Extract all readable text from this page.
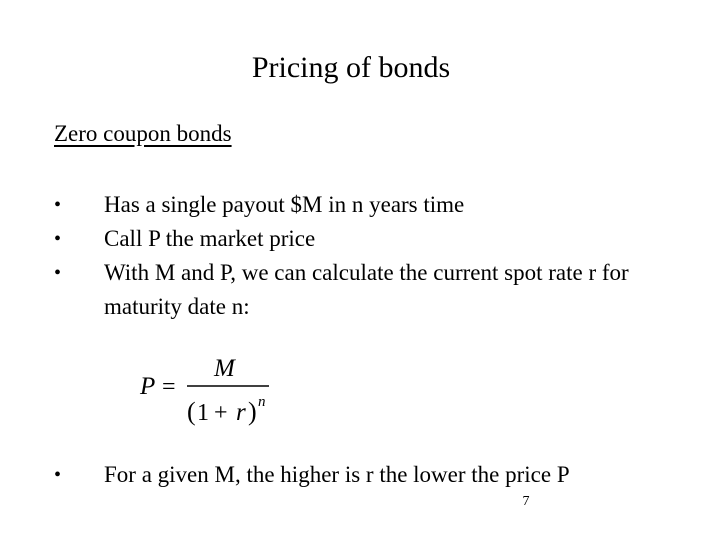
Pricing of bonds
Zero coupon bonds
•	Has a single payout $M in n years time
•	Call P the market price
•	With M and P, we can calculate the current spot rate r for maturity date n:
P =
M
( 1 + r ) n
•	For a given M, the higher is r the lower the price P
7
